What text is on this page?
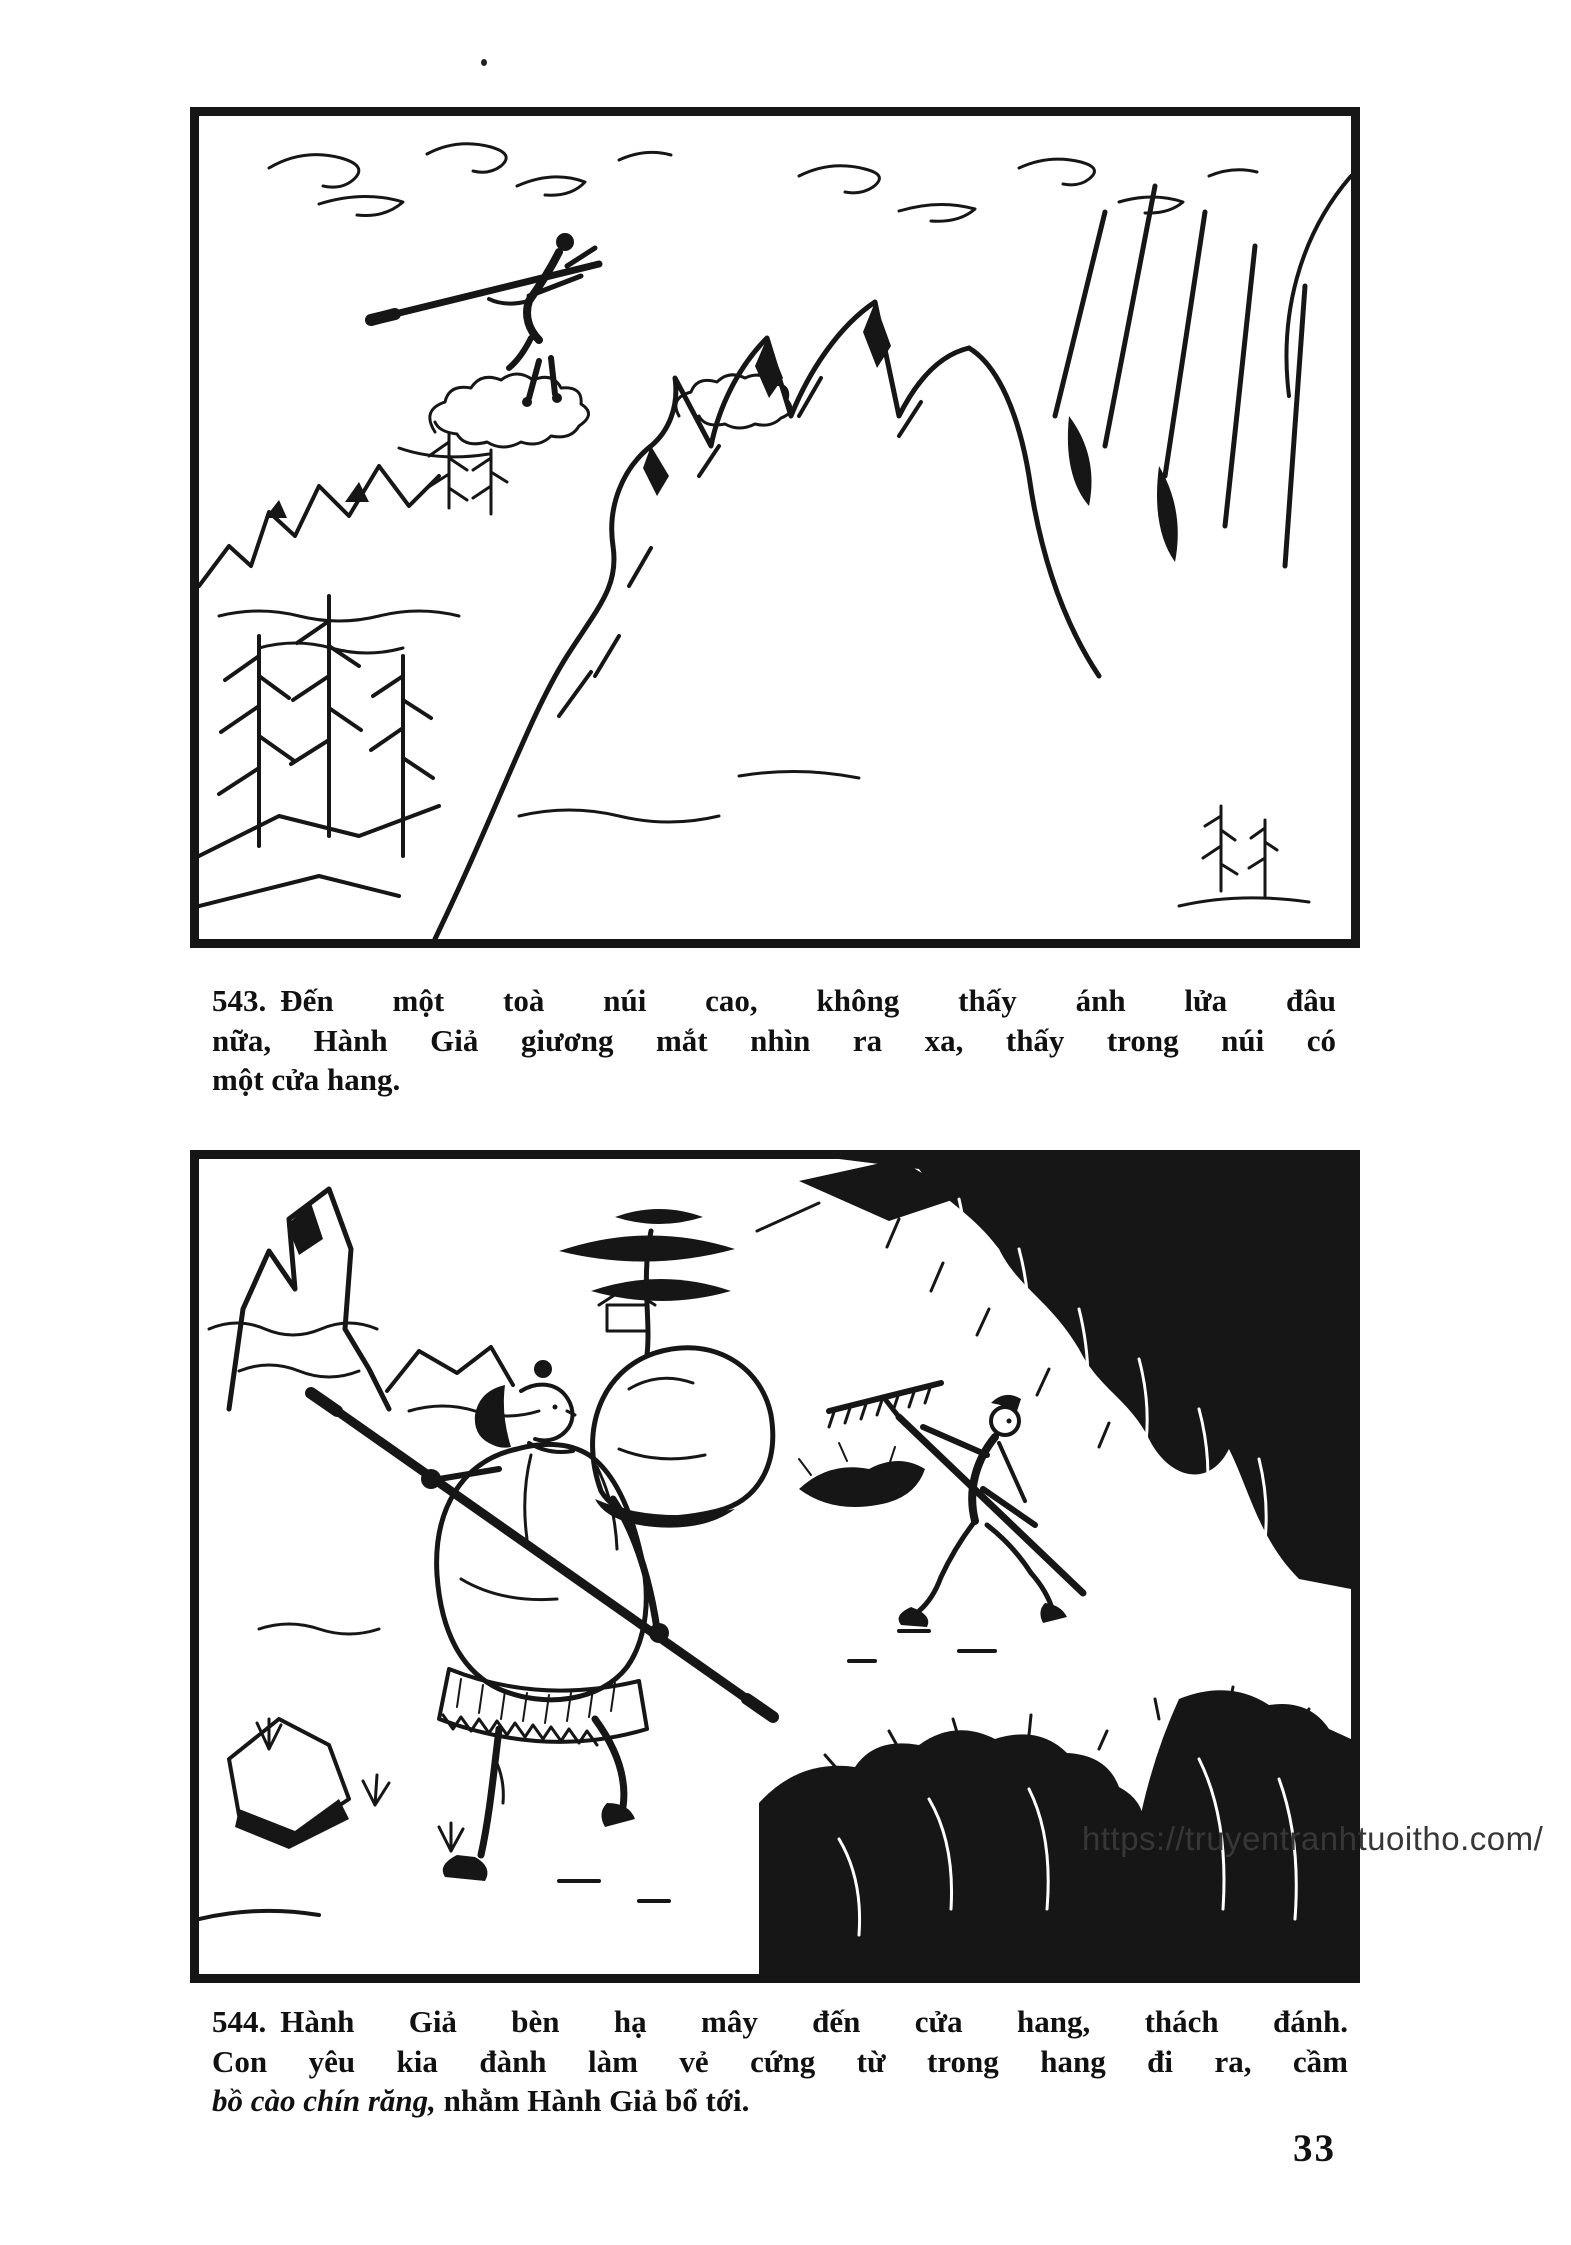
543. Đến một toà núi cao, không thấy ánh lửa đâu
nữa, Hành Giả giương mắt nhìn ra xa, thấy trong núi có
một cửa hang.

https://truyentranhtuoitho.com/

544. Hành Giả bèn hạ mây đến cửa hang, thách đánh.
Con yêu kia đành làm vẻ cứng từ trong hang đi ra, cầm
bồ cào chín răng, nhằm Hành Giả bổ tới.

33
